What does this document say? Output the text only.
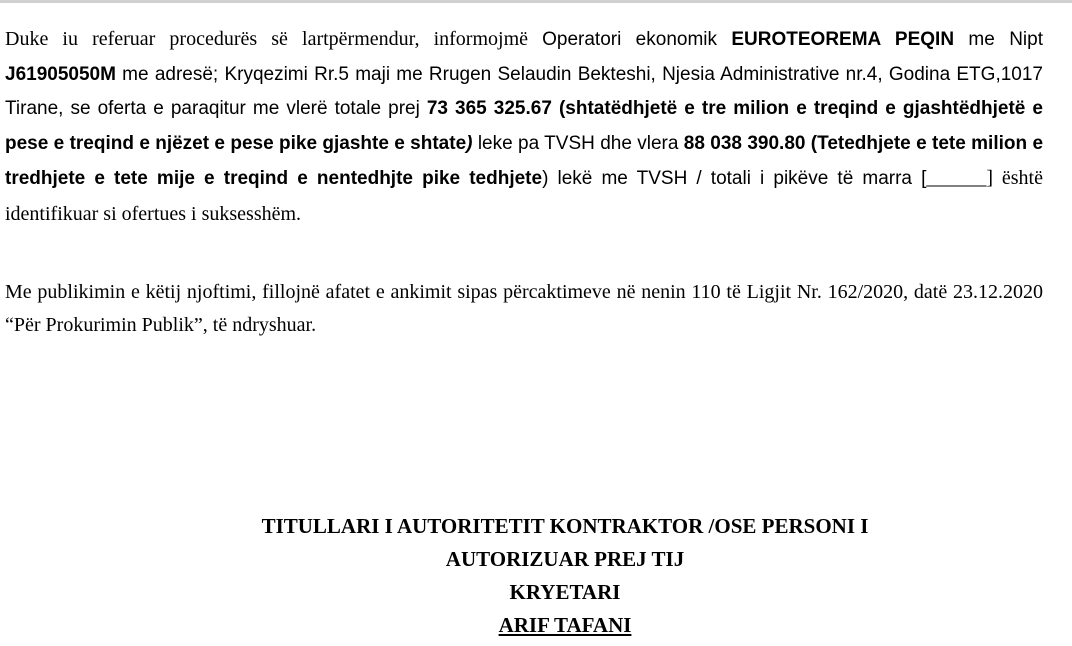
Duke iu referuar procedurës së lartpërmendur, informojmë Operatori ekonomik EUROTEOREMA PEQIN me Nipt J61905050M me adresë; Kryqezimi Rr.5 maji me Rrugen Selaudin Bekteshi, Njesia Administrative nr.4, Godina ETG,1017 Tirane, se oferta e paraqitur me vlerë totale prej 73 365 325.67 (shtatëdhjetë e tre milion e treqind e gjashtëdhjetë e pese e treqind e njëzet e pese pike gjashte e shtate) leke pa TVSH dhe vlera 88 038 390.80 (Tetedhjete e tete milion e tredhjete e tete mije e treqind e nentedhjte pike tedhjete) lekë me TVSH / totali i pikëve të marra [______] është identifikuar si ofertues i suksesshëm.
Me publikimin e këtij njoftimi, fillojnë afatet e ankimit sipas përcaktimeve në nenin 110 të Ligjit Nr. 162/2020, datë 23.12.2020 “Për Prokurimin Publik”, të ndryshuar.
TITULLARI I AUTORITETIT KONTRAKTOR /OSE PERSONI I
AUTORIZUAR PREJ TIJ
KRYETARI
ARIF TAFANI
